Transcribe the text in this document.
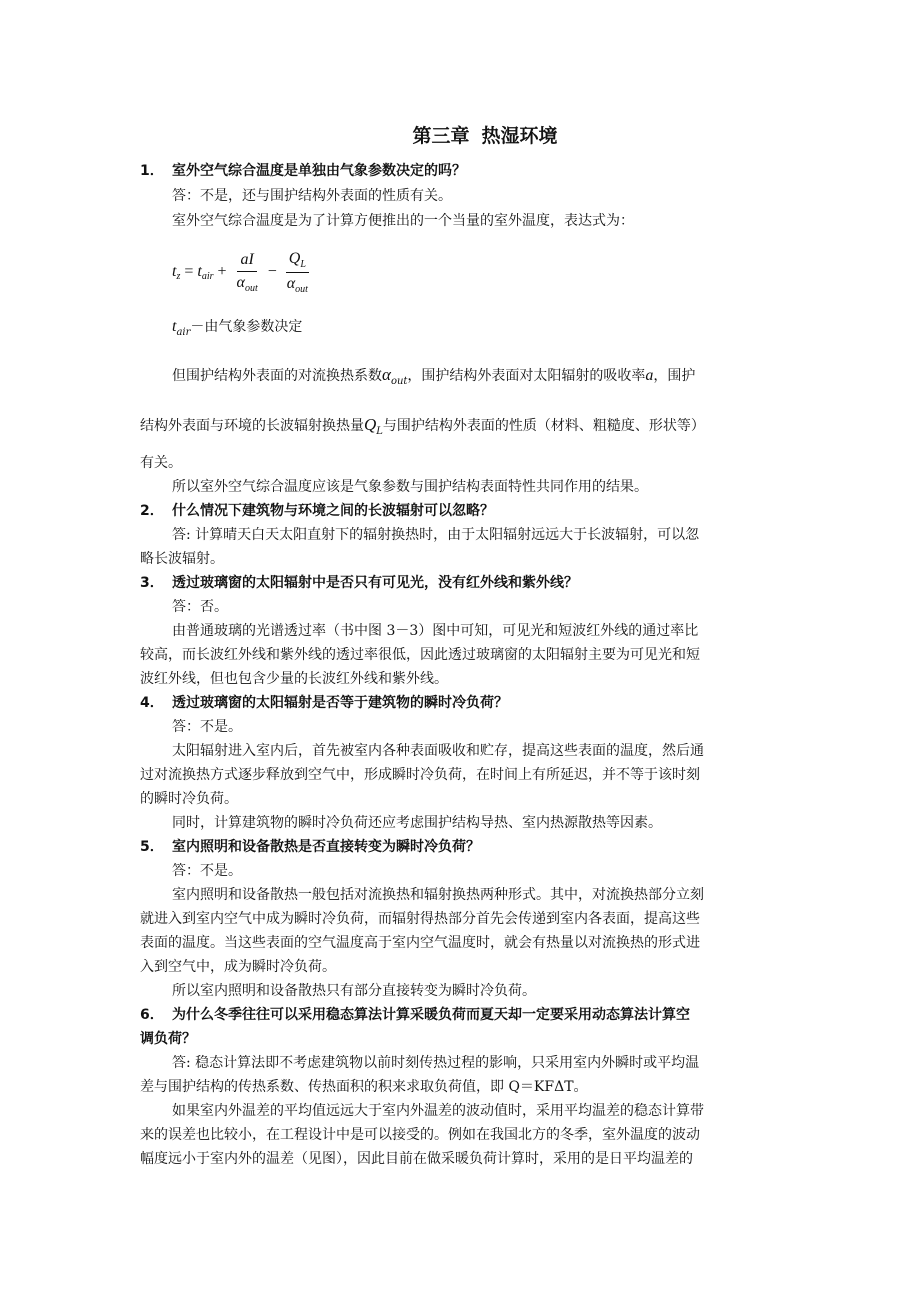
第三章 热湿环境
1． 室外空气综合温度是单独由气象参数决定的吗？
答：不是，还与围护结构外表面的性质有关。
室外空气综合温度是为了计算方便推出的一个当量的室外温度，表达式为：
t z = t air + $\frac{aI}{\alpha_{out}} - \frac{Q_L}{\alpha_{out}}$
$t_{air}-$由气象参数决定
但围护结构外表面的对流换热系数$\alpha_{out}$，围护结构外表面对太阳辐射的吸收率a，围护
结构外表面与环境的长波辐射换热量$Q_L$与围护结构外表面的性质（材料、粗糙度、形状等）
有关。
所以室外空气综合温度应该是气象参数与围护结构表面特性共同作用的结果。
2． 什么情况下建筑物与环境之间的长波辐射可以忽略？
答: 计算晴天白天太阳直射下的辐射换热时，由于太阳辐射远远大于长波辐射，可以忽
略长波辐射。
3． 透过玻璃窗的太阳辐射中是否只有可见光，没有红外线和紫外线？
答：否。
由普通玻璃的光谱透过率（书中图 3－3）图中可知，可见光和短波红外线的通过率比
较高，而长波红外线和紫外线的透过率很低，因此透过玻璃窗的太阳辐射主要为可见光和短
波红外线，但也包含少量的长波红外线和紫外线。
4． 透过玻璃窗的太阳辐射是否等于建筑物的瞬时冷负荷？
答：不是。
太阳辐射进入室内后，首先被室内各种表面吸收和贮存，提高这些表面的温度，然后通
过对流换热方式逐步释放到空气中，形成瞬时冷负荷，在时间上有所延迟，并不等于该时刻
的瞬时冷负荷。
同时，计算建筑物的瞬时冷负荷还应考虑围护结构导热、室内热源散热等因素。
5． 室内照明和设备散热是否直接转变为瞬时冷负荷？
答：不是。
室内照明和设备散热一般包括对流换热和辐射换热两种形式。其中，对流换热部分立刻
就进入到室内空气中成为瞬时冷负荷，而辐射得热部分首先会传递到室内各表面，提高这些
表面的温度。当这些表面的空气温度高于室内空气温度时，就会有热量以对流换热的形式进
入到空气中，成为瞬时冷负荷。
所以室内照明和设备散热只有部分直接转变为瞬时冷负荷。
6． 为什么冬季往往可以采用稳态算法计算采暖负荷而夏天却一定要采用动态算法计算空
调负荷？
答: 稳态计算法即不考虑建筑物以前时刻传热过程的影响，只采用室内外瞬时或平均温
差与围护结构的传热系数、传热面积的积来求取负荷值，即 Q＝KFΔT。
如果室内外温差的平均值远远大于室内外温差的波动值时，采用平均温差的稳态计算带
来的误差也比较小，在工程设计中是可以接受的。例如在我国北方的冬季，室外温度的波动
幅度远小于室内外的温差（见图），因此目前在做采暖负荷计算时，采用的是日平均温差的
